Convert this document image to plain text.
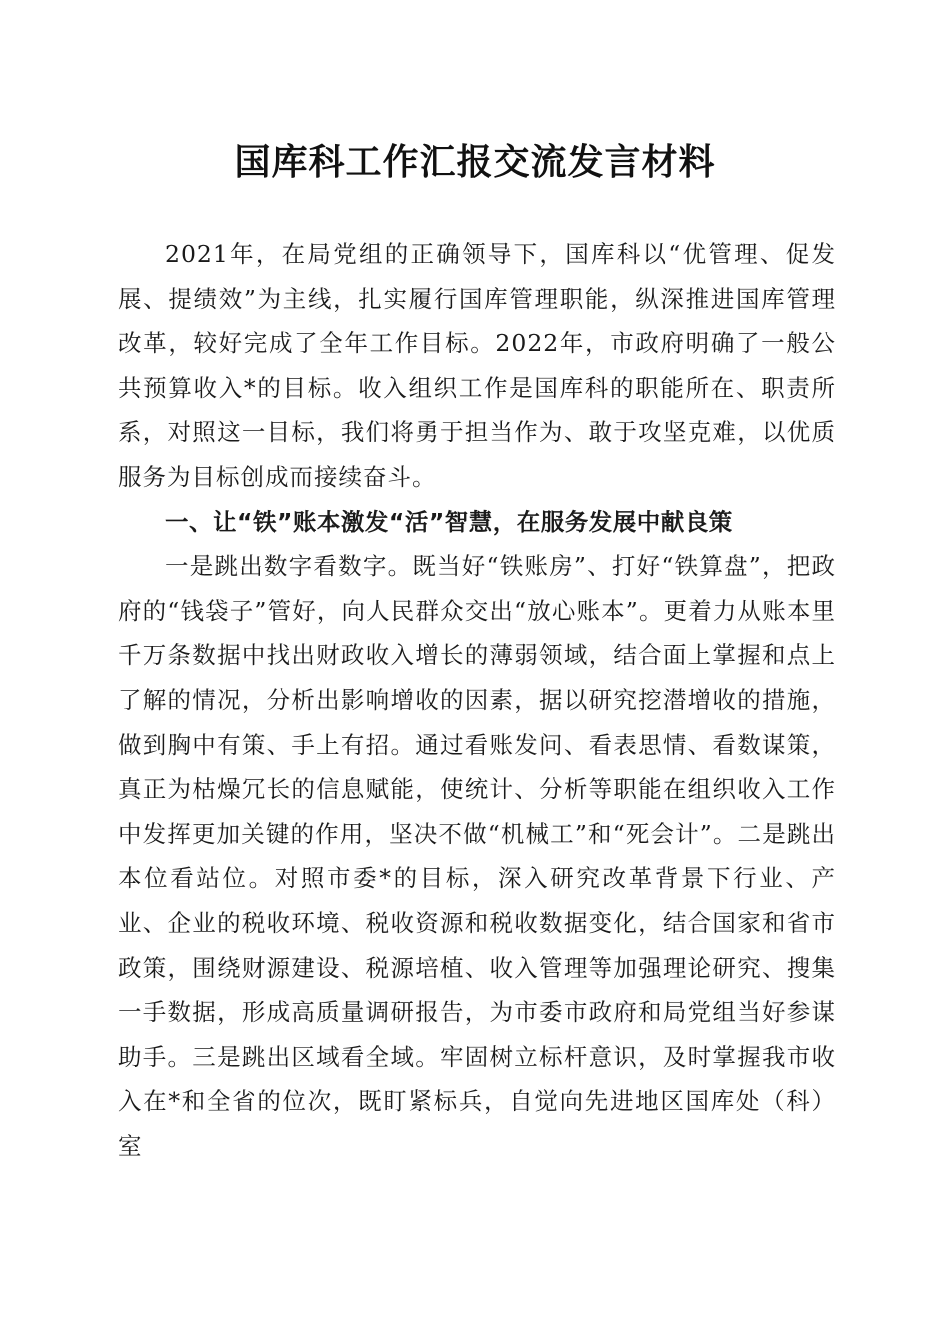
国库科工作汇报交流发言材料

2021年，在局党组的正确领导下，国库科以“优管理、促发展、提绩效”为主线，扎实履行国库管理职能，纵深推进国库管理改革，较好完成了全年工作目标。2022年，市政府明确了一般公共预算收入*的目标。收入组织工作是国库科的职能所在、职责所系，对照这一目标，我们将勇于担当作为、敢于攻坚克难，以优质服务为目标创成而接续奋斗。

一、让“铁”账本激发“活”智慧，在服务发展中献良策

一是跳出数字看数字。既当好“铁账房”、打好“铁算盘”，把政府的“钱袋子”管好，向人民群众交出“放心账本”。更着力从账本里千万条数据中找出财政收入增长的薄弱领域，结合面上掌握和点上了解的情况，分析出影响增收的因素，据以研究挖潜增收的措施，做到胸中有策、手上有招。通过看账发问、看表思情、看数谋策，真正为枯燥冗长的信息赋能，使统计、分析等职能在组织收入工作中发挥更加关键的作用，坚决不做“机械工”和“死会计”。二是跳出本位看站位。对照市委*的目标，深入研究改革背景下行业、产业、企业的税收环境、税收资源和税收数据变化，结合国家和省市政策，围绕财源建设、税源培植、收入管理等加强理论研究、搜集一手数据，形成高质量调研报告，为市委市政府和局党组当好参谋助手。三是跳出区域看全域。牢固树立标杆意识，及时掌握我市收入在*和全省的位次，既盯紧标兵，自觉向先进地区国库处（科）室
